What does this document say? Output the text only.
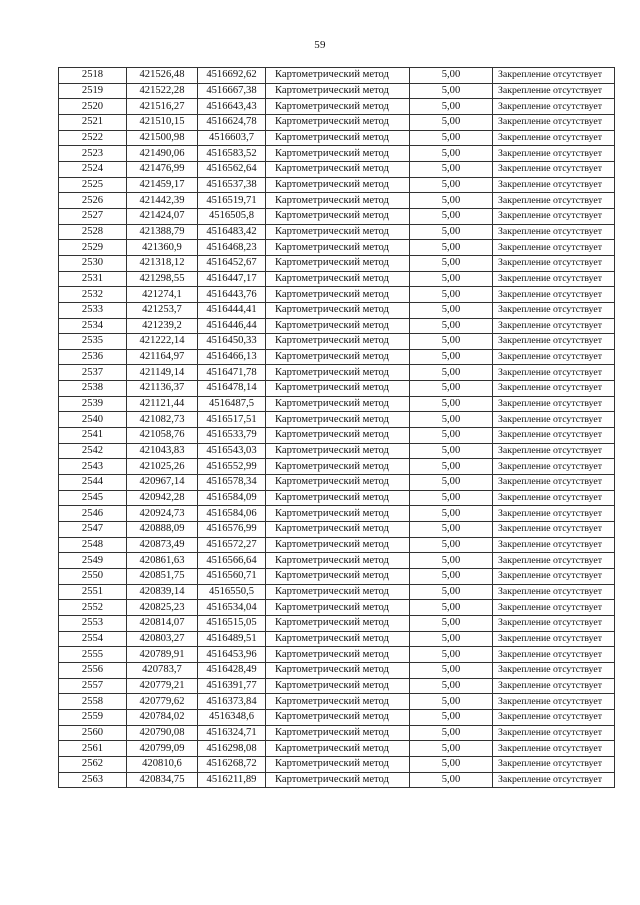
59
2518	421526,48	4516692,62	Картометрический метод	5,00	Закрепление отсутствует
2519	421522,28	4516667,38	Картометрический метод	5,00	Закрепление отсутствует
2520	421516,27	4516643,43	Картометрический метод	5,00	Закрепление отсутствует
2521	421510,15	4516624,78	Картометрический метод	5,00	Закрепление отсутствует
2522	421500,98	4516603,7	Картометрический метод	5,00	Закрепление отсутствует
2523	421490,06	4516583,52	Картометрический метод	5,00	Закрепление отсутствует
2524	421476,99	4516562,64	Картометрический метод	5,00	Закрепление отсутствует
2525	421459,17	4516537,38	Картометрический метод	5,00	Закрепление отсутствует
2526	421442,39	4516519,71	Картометрический метод	5,00	Закрепление отсутствует
2527	421424,07	4516505,8	Картометрический метод	5,00	Закрепление отсутствует
2528	421388,79	4516483,42	Картометрический метод	5,00	Закрепление отсутствует
2529	421360,9	4516468,23	Картометрический метод	5,00	Закрепление отсутствует
2530	421318,12	4516452,67	Картометрический метод	5,00	Закрепление отсутствует
2531	421298,55	4516447,17	Картометрический метод	5,00	Закрепление отсутствует
2532	421274,1	4516443,76	Картометрический метод	5,00	Закрепление отсутствует
2533	421253,7	4516444,41	Картометрический метод	5,00	Закрепление отсутствует
2534	421239,2	4516446,44	Картометрический метод	5,00	Закрепление отсутствует
2535	421222,14	4516450,33	Картометрический метод	5,00	Закрепление отсутствует
2536	421164,97	4516466,13	Картометрический метод	5,00	Закрепление отсутствует
2537	421149,14	4516471,78	Картометрический метод	5,00	Закрепление отсутствует
2538	421136,37	4516478,14	Картометрический метод	5,00	Закрепление отсутствует
2539	421121,44	4516487,5	Картометрический метод	5,00	Закрепление отсутствует
2540	421082,73	4516517,51	Картометрический метод	5,00	Закрепление отсутствует
2541	421058,76	4516533,79	Картометрический метод	5,00	Закрепление отсутствует
2542	421043,83	4516543,03	Картометрический метод	5,00	Закрепление отсутствует
2543	421025,26	4516552,99	Картометрический метод	5,00	Закрепление отсутствует
2544	420967,14	4516578,34	Картометрический метод	5,00	Закрепление отсутствует
2545	420942,28	4516584,09	Картометрический метод	5,00	Закрепление отсутствует
2546	420924,73	4516584,06	Картометрический метод	5,00	Закрепление отсутствует
2547	420888,09	4516576,99	Картометрический метод	5,00	Закрепление отсутствует
2548	420873,49	4516572,27	Картометрический метод	5,00	Закрепление отсутствует
2549	420861,63	4516566,64	Картометрический метод	5,00	Закрепление отсутствует
2550	420851,75	4516560,71	Картометрический метод	5,00	Закрепление отсутствует
2551	420839,14	4516550,5	Картометрический метод	5,00	Закрепление отсутствует
2552	420825,23	4516534,04	Картометрический метод	5,00	Закрепление отсутствует
2553	420814,07	4516515,05	Картометрический метод	5,00	Закрепление отсутствует
2554	420803,27	4516489,51	Картометрический метод	5,00	Закрепление отсутствует
2555	420789,91	4516453,96	Картометрический метод	5,00	Закрепление отсутствует
2556	420783,7	4516428,49	Картометрический метод	5,00	Закрепление отсутствует
2557	420779,21	4516391,77	Картометрический метод	5,00	Закрепление отсутствует
2558	420779,62	4516373,84	Картометрический метод	5,00	Закрепление отсутствует
2559	420784,02	4516348,6	Картометрический метод	5,00	Закрепление отсутствует
2560	420790,08	4516324,71	Картометрический метод	5,00	Закрепление отсутствует
2561	420799,09	4516298,08	Картометрический метод	5,00	Закрепление отсутствует
2562	420810,6	4516268,72	Картометрический метод	5,00	Закрепление отсутствует
2563	420834,75	4516211,89	Картометрический метод	5,00	Закрепление отсутствует
